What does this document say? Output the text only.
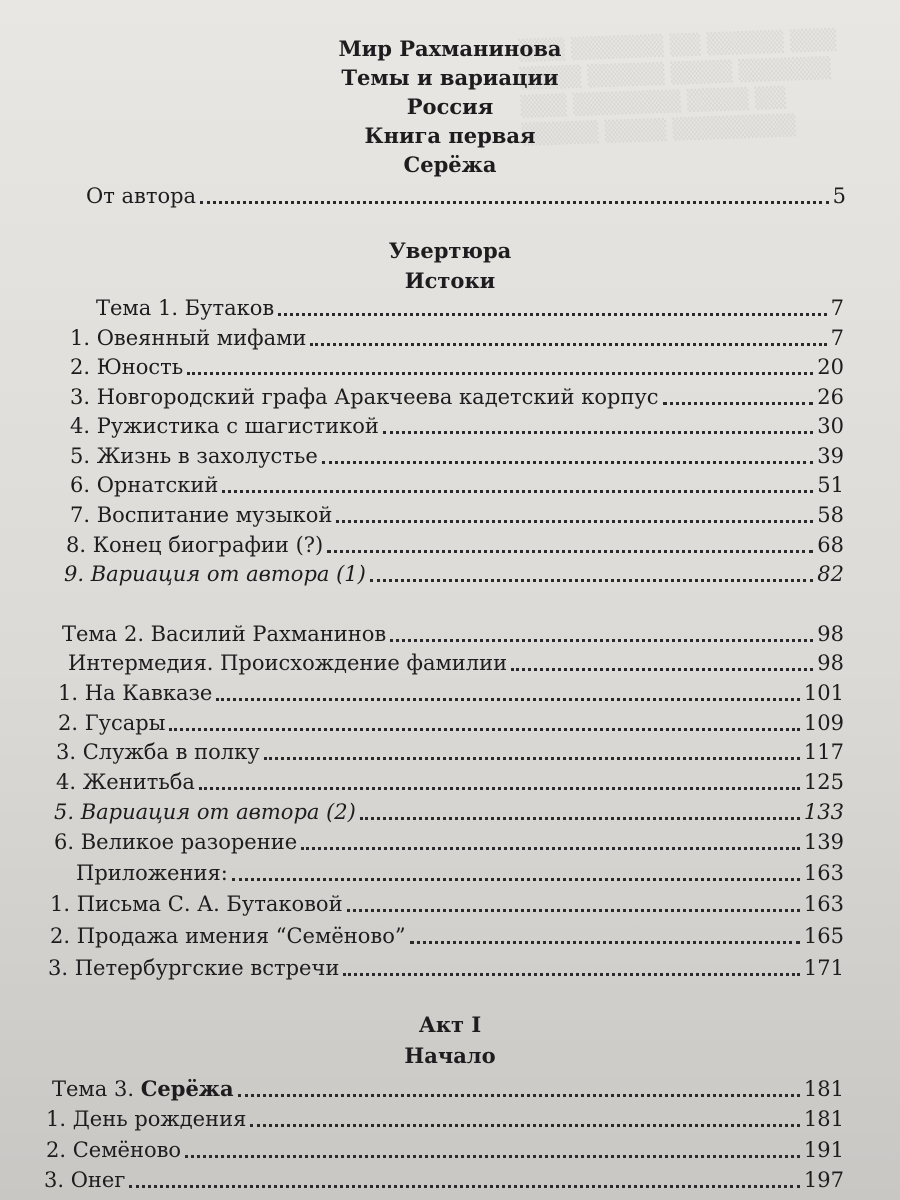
▒▒▒ ▒▒▒▒▒▒ ▒▒ ▒▒▒▒▒ ▒▒▒
▒▒▒▒ ▒▒▒▒▒ ▒▒▒▒ ▒▒▒▒▒▒
▒▒▒ ▒▒▒▒▒▒▒ ▒▒▒▒ ▒▒
▒▒▒▒▒ ▒▒▒▒ ▒▒▒▒▒▒▒▒
Мир Рахманинова
Темы и вариации
Россия
Книга первая
Серёжа
От автора	5
Увертюра
Истоки
Тема 1. Бутаков	7
1. Овеянный мифами	7
2. Юность	20
3. Новгородский графа Аракчеева кадетский корпус	26
4. Ружистика с шагистикой	30
5. Жизнь в захолустье	39
6. Орнатский	51
7. Воспитание музыкой	58
8. Конец биографии (?)	68
9. Вариация от автора (1)	82
Тема 2. Василий Рахманинов	98
Интермедия. Происхождение фамилии	98
1. На Кавказе	101
2. Гусары	109
3. Служба в полку	117
4. Женитьба	125
5. Вариация от автора (2)	133
6. Великое разорение	139
Приложения:	163
1. Письма С. А. Бутаковой	163
2. Продажа имения “Семёново”	165
3. Петербургские встречи	171
Акт I
Начало
Тема 3. Серёжа	181
1. День рождения	181
2. Семёново	191
3. Онег	197
